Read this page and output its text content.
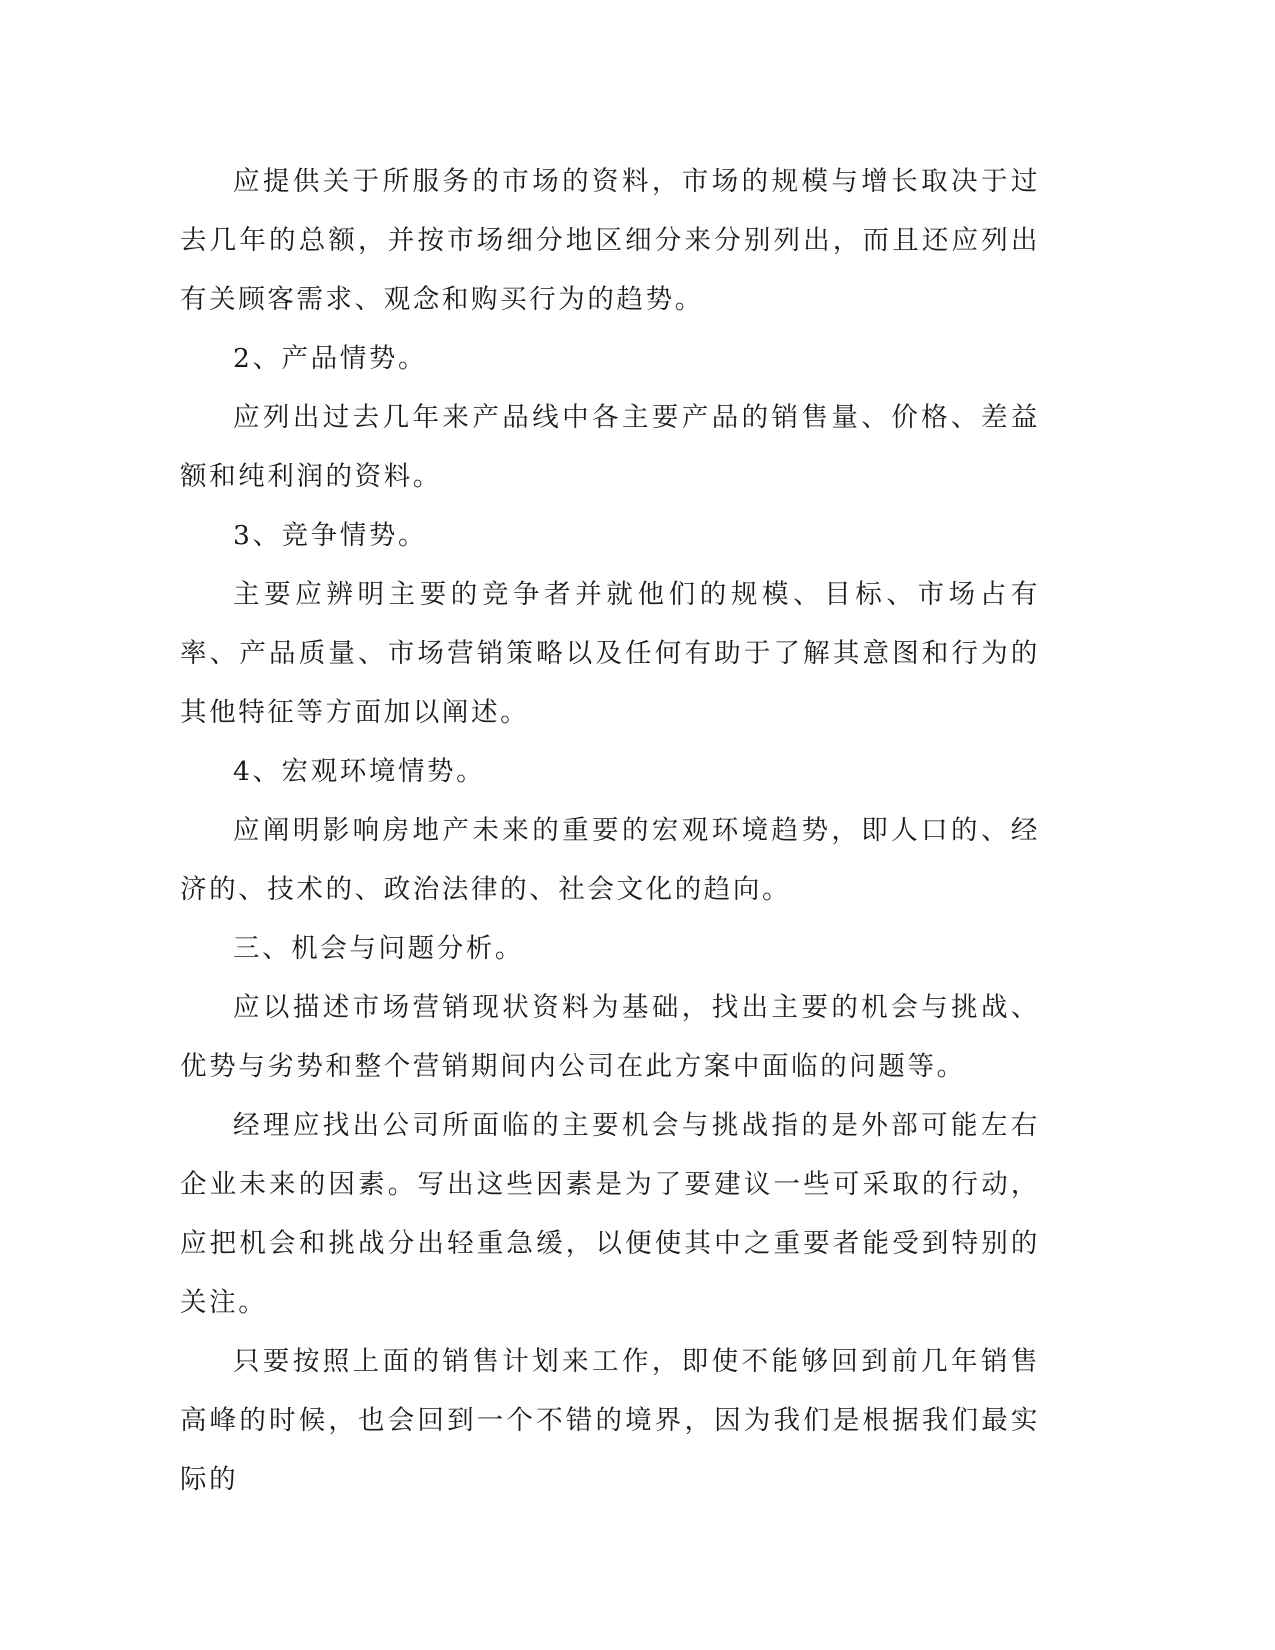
应提供关于所服务的市场的资料，市场的规模与增长取决于过去几年的总额，并按市场细分地区细分来分别列出，而且还应列出有关顾客需求、观念和购买行为的趋势。

2、产品情势。

应列出过去几年来产品线中各主要产品的销售量、价格、差益额和纯利润的资料。

3、竞争情势。

主要应辨明主要的竞争者并就他们的规模、目标、市场占有率、产品质量、市场营销策略以及任何有助于了解其意图和行为的其他特征等方面加以阐述。

4、宏观环境情势。

应阐明影响房地产未来的重要的宏观环境趋势，即人口的、经济的、技术的、政治法律的、社会文化的趋向。

三、机会与问题分析。

应以描述市场营销现状资料为基础，找出主要的机会与挑战、优势与劣势和整个营销期间内公司在此方案中面临的问题等。

经理应找出公司所面临的主要机会与挑战指的是外部可能左右企业未来的因素。写出这些因素是为了要建议一些可采取的行动，应把机会和挑战分出轻重急缓，以便使其中之重要者能受到特别的关注。

只要按照上面的销售计划来工作，即使不能够回到前几年销售高峰的时候，也会回到一个不错的境界，因为我们是根据我们最实际的
